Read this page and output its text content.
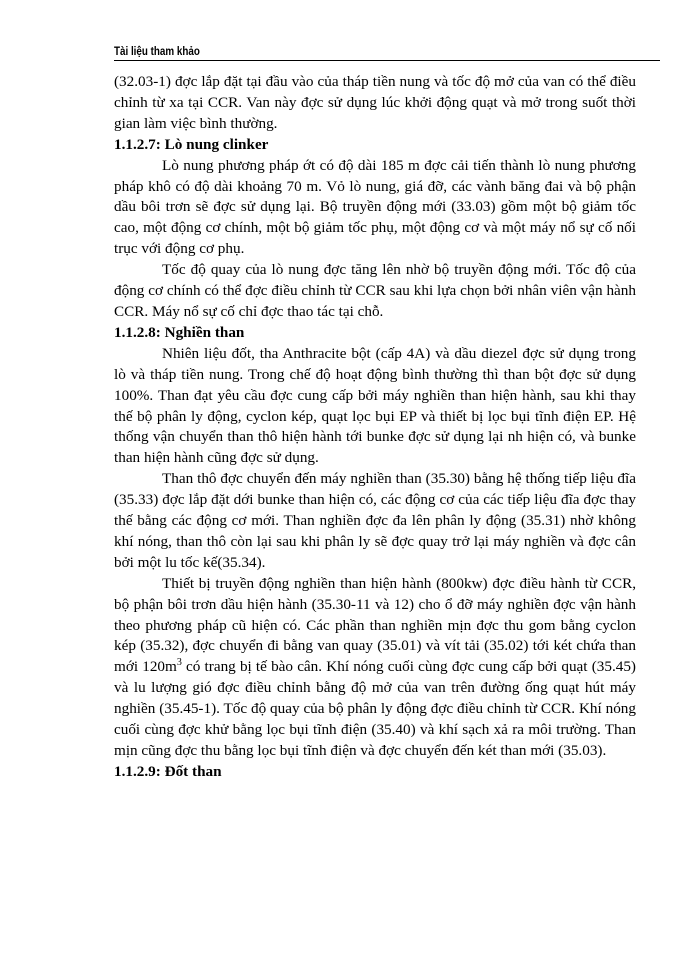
Tài liệu tham khảo

(32.03-1) đợc lắp đặt tại đầu vào của tháp tiền nung và tốc độ mở của van có thể điều chỉnh từ xa tại CCR. Van này đợc sử dụng lúc khởi động quạt và mở trong suốt thời gian làm việc bình thường.

1.1.2.7: Lò nung clinker

Lò nung phương pháp ớt có độ dài 185 m đợc cải tiến thành lò nung phương pháp khô có độ dài khoảng 70 m. Vỏ lò nung, giá đỡ, các vành băng đai và bộ phận dầu bôi trơn sẽ đợc sử dụng lại. Bộ truyền động mới (33.03) gồm một bộ giảm tốc cao, một động cơ chính, một bộ giảm tốc phụ, một động cơ và một máy nổ sự cố nối trục với động cơ phụ.

Tốc độ quay của lò nung đợc tăng lên nhờ bộ truyền động mới. Tốc độ của động cơ chính có thể đợc điều chỉnh từ CCR sau khi lựa chọn bởi nhân viên vận hành CCR. Máy nổ sự cố chỉ đợc thao tác tại chỗ.

1.1.2.8: Nghiền than

Nhiên liệu đốt, tha Anthracite bột (cấp 4A) và dầu diezel đợc sử dụng trong lò và tháp tiền nung. Trong chế độ hoạt động bình thường thì than bột đợc sử dụng 100%. Than đạt yêu cầu đợc cung cấp bởi máy nghiền than hiện hành, sau khi thay thế bộ phân ly động, cyclon kép, quạt lọc bụi EP và thiết bị lọc bụi tĩnh điện EP. Hệ thống vận chuyển than thô hiện hành tới bunke đợc sử dụng lại nh hiện có, và bunke than hiện hành cũng đợc sử dụng.

Than thô đợc chuyển đến máy nghiền than (35.30) bằng hệ thống tiếp liệu đĩa (35.33) đợc lắp đặt dới bunke than hiện có, các động cơ của các tiếp liệu đĩa đợc thay thế bằng các động cơ mới. Than nghiền đợc đa lên phân ly động (35.31) nhờ không khí nóng, than thô còn lại sau khi phân ly sẽ đợc quay trở lại máy nghiền và đợc cân bởi một lu tốc kế(35.34).

Thiết bị truyền động nghiền than hiện hành (800kw) đợc điều hành từ CCR, bộ phận bôi trơn dầu hiện hành (35.30-11 và 12) cho ổ đỡ máy nghiền đợc vận hành theo phương pháp cũ hiện có. Các phần than nghiền mịn đợc thu gom bằng cyclon kép (35.32), đợc chuyển đi bằng van quay (35.01) và vít tải (35.02) tới két chứa than mới $120m^3$ có trang bị tế bào cân. Khí nóng cuối cùng đợc cung cấp bởi quạt (35.45) và lu lượng gió đợc điều chỉnh bằng độ mở của van trên đường ống quạt hút máy nghiền (35.45-1). Tốc độ quay của bộ phân ly động đợc điều chỉnh từ CCR. Khí nóng cuối cùng đợc khử bằng lọc bụi tĩnh điện (35.40) và khí sạch xả ra môi trường. Than mịn cũng đợc thu bằng lọc bụi tĩnh điện và đợc chuyển đến két than mới (35.03).

1.1.2.9: Đốt than
